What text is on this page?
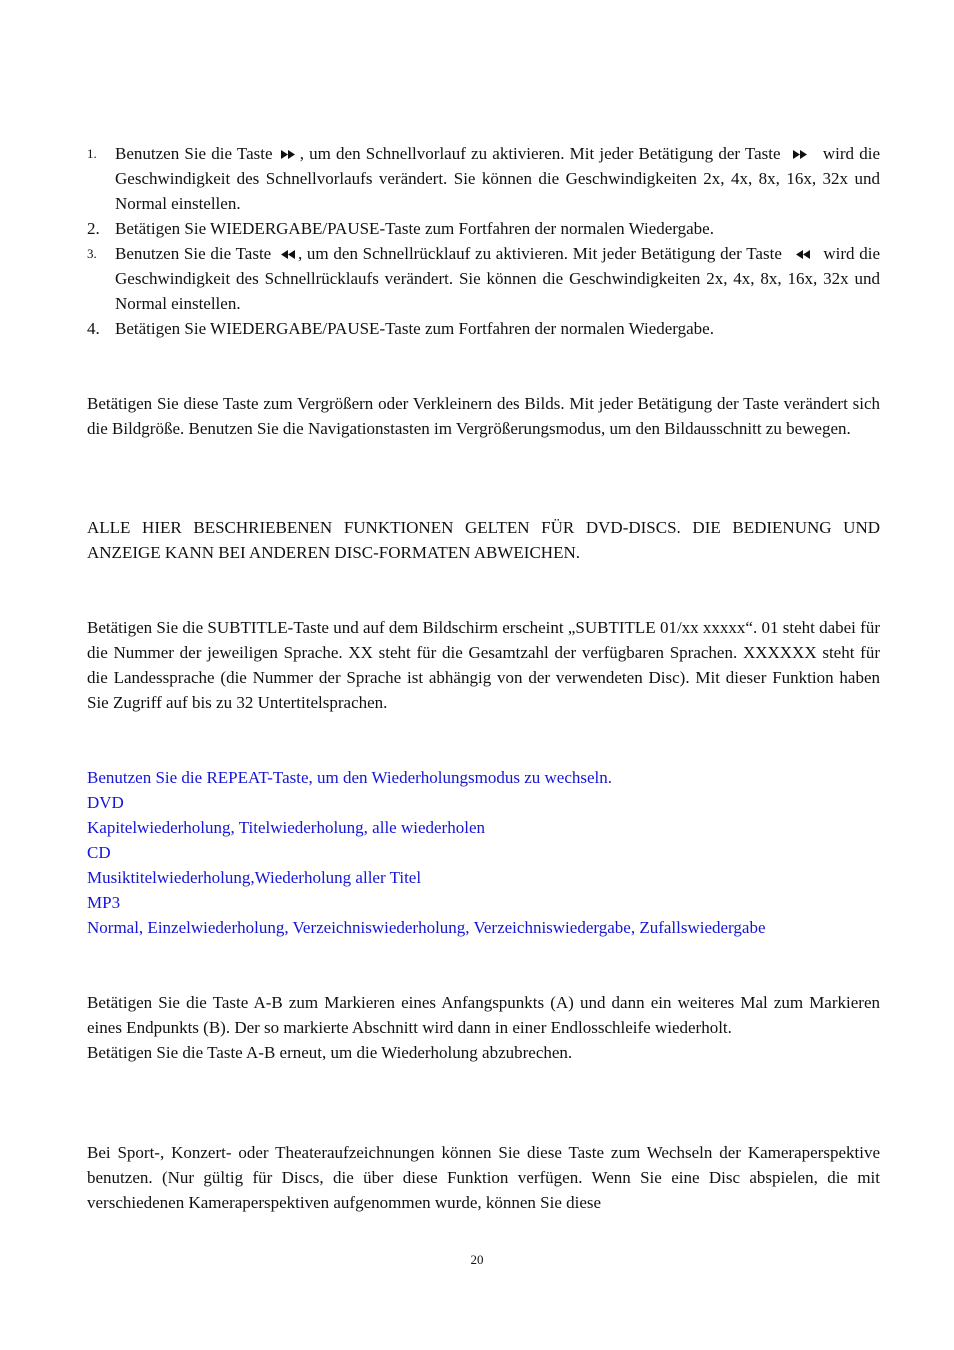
1. Benutzen Sie die Taste
, um den Schnellvorlauf zu aktivieren. Mit jeder Betätigung der Taste
wird die Geschwindigkeit des Schnellvorlaufs verändert. Sie können die Geschwindigkeiten 2x, 4x, 8x, 16x, 32x und Normal einstellen.
2. Betätigen Sie WIEDERGABE/PAUSE-Taste zum Fortfahren der normalen Wiedergabe.
3. Benutzen Sie die Taste
, um den Schnellrücklauf zu aktivieren. Mit jeder Betätigung der Taste
wird die Geschwindigkeit des Schnellrücklaufs verändert. Sie können die Geschwindigkeiten 2x, 4x, 8x, 16x, 32x und Normal einstellen.
4. Betätigen Sie WIEDERGABE/PAUSE-Taste zum Fortfahren der normalen Wiedergabe.

Betätigen Sie diese Taste zum Vergrößern oder Verkleinern des Bilds. Mit jeder Betätigung der Taste verändert sich die Bildgröße. Benutzen Sie die Navigationstasten im Vergrößerungsmodus, um den Bildausschnitt zu bewegen.

ALLE HIER BESCHRIEBENEN FUNKTIONEN GELTEN FÜR DVD-DISCS. DIE BEDIENUNG UND ANZEIGE KANN BEI ANDEREN DISC-FORMATEN ABWEICHEN.

Betätigen Sie die SUBTITLE-Taste und auf dem Bildschirm erscheint „SUBTITLE 01/xx xxxxx“. 01 steht dabei für die Nummer der jeweiligen Sprache. XX steht für die Gesamtzahl der verfügbaren Sprachen. XXXXXX steht für die Landessprache (die Nummer der Sprache ist abhängig von der verwendeten Disc). Mit dieser Funktion haben Sie Zugriff auf bis zu 32 Untertitelsprachen.

Benutzen Sie die REPEAT-Taste, um den Wiederholungsmodus zu wechseln.

DVD

Kapitelwiederholung, Titelwiederholung, alle wiederholen

CD

Musiktitelwiederholung,Wiederholung aller Titel

MP3

Normal, Einzelwiederholung, Verzeichniswiederholung, Verzeichniswiedergabe, Zufallswiedergabe

Betätigen Sie die Taste A-B zum Markieren eines Anfangspunkts (A) und dann ein weiteres Mal zum Markieren eines Endpunkts (B). Der so markierte Abschnitt wird dann in einer Endlosschleife wiederholt.

Betätigen Sie die Taste A-B erneut, um die Wiederholung abzubrechen.

Bei Sport-, Konzert- oder Theateraufzeichnungen können Sie diese Taste zum Wechseln der Kameraperspektive benutzen. (Nur gültig für Discs, die über diese Funktion verfügen. Wenn Sie eine Disc abspielen, die mit verschiedenen Kameraperspektiven aufgenommen wurde, können Sie diese

20
